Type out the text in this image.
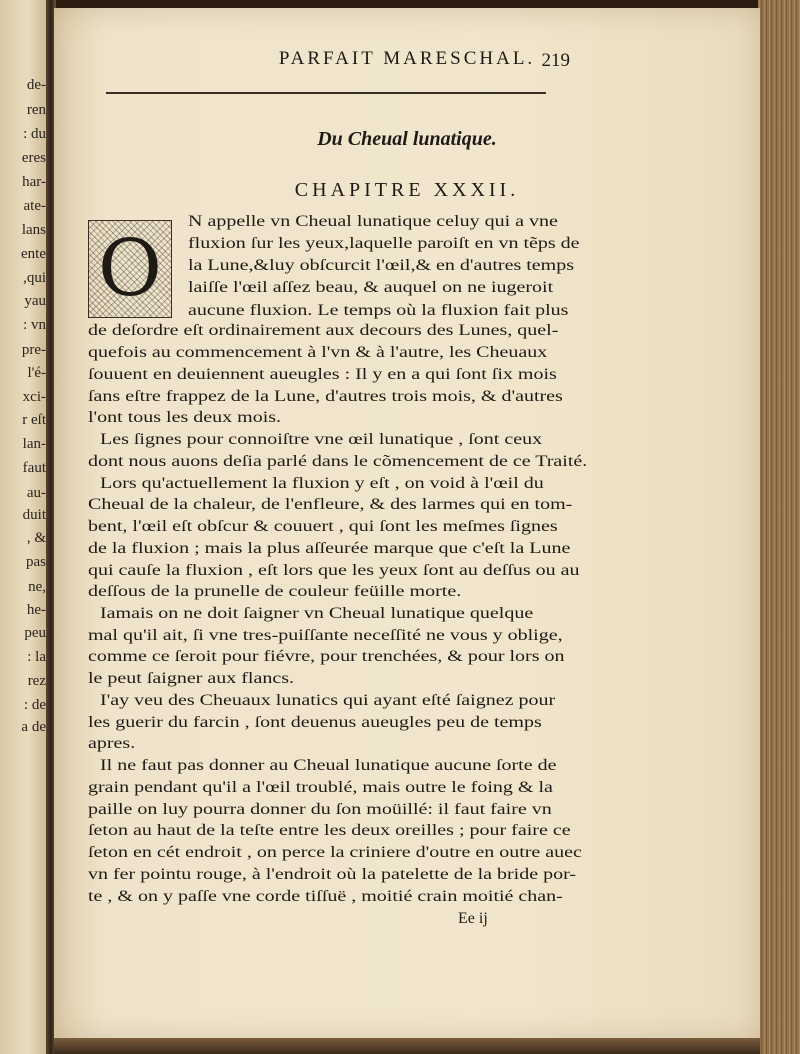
de-
ren
: du
eres
har-
ate-
lans
ente
,qui
yau
: vn
pre-
l'é-
xci-
r eſt
lan-
faut
au-
duit
, &
pas
ne,
he-
peu
: la
rez
: de
a de
PARFAIT MARESCHAL. 219
Du Cheual lunatique.
CHAPITRE XXXII.
O
N appelle vn Cheual lunatique celuy qui a vne
fluxion ſur les yeux,laquelle paroiſt en vn tẽps de
la Lune,&luy obſcurcit l'œil,& en d'autres temps
laiſſe l'œil aſſez beau, & auquel on ne iugeroit
aucune fluxion. Le temps où la fluxion fait plus
de deſordre eſt ordinairement aux decours des Lunes, quel-
quefois au commencement à l'vn & à l'autre, les Cheuaux
ſouuent en deuiennent aueugles : Il y en a qui ſont ſix mois
ſans eſtre frappez de la Lune, d'autres trois mois, & d'autres
l'ont tous les deux mois.
Les ſignes pour connoiſtre vne œil lunatique , ſont ceux
dont nous auons deſia parlé dans le cõmencement de ce Traité.
Lors qu'actuellement la fluxion y eſt , on void à l'œil du
Cheual de la chaleur, de l'enfleure, & des larmes qui en tom-
bent, l'œil eſt obſcur & couuert , qui ſont les meſmes ſignes
de la fluxion ; mais la plus aſſeurée marque que c'eſt la Lune
qui cauſe la fluxion , eſt lors que les yeux ſont au deſſus ou au
deſſous de la prunelle de couleur feüille morte.
Iamais on ne doit ſaigner vn Cheual lunatique quelque
mal qu'il ait, ſi vne tres-puiſſante neceſſité ne vous y oblige,
comme ce ſeroit pour fiévre, pour trenchées, & pour lors on
le peut ſaigner aux flancs.
I'ay veu des Cheuaux lunatics qui ayant eſté ſaignez pour
les guerir du farcin , ſont deuenus aueugles peu de temps
apres.
Il ne faut pas donner au Cheual lunatique aucune ſorte de
grain pendant qu'il a l'œil troublé, mais outre le foing & la
paille on luy pourra donner du ſon moüillé: il faut faire vn
ſeton au haut de la teſte entre les deux oreilles ; pour faire ce
ſeton en cét endroit , on perce la criniere d'outre en outre auec
vn fer pointu rouge, à l'endroit où la patelette de la bride por-
te , & on y paſſe vne corde tiſſuë , moitié crain moitié chan-
Ee ij
